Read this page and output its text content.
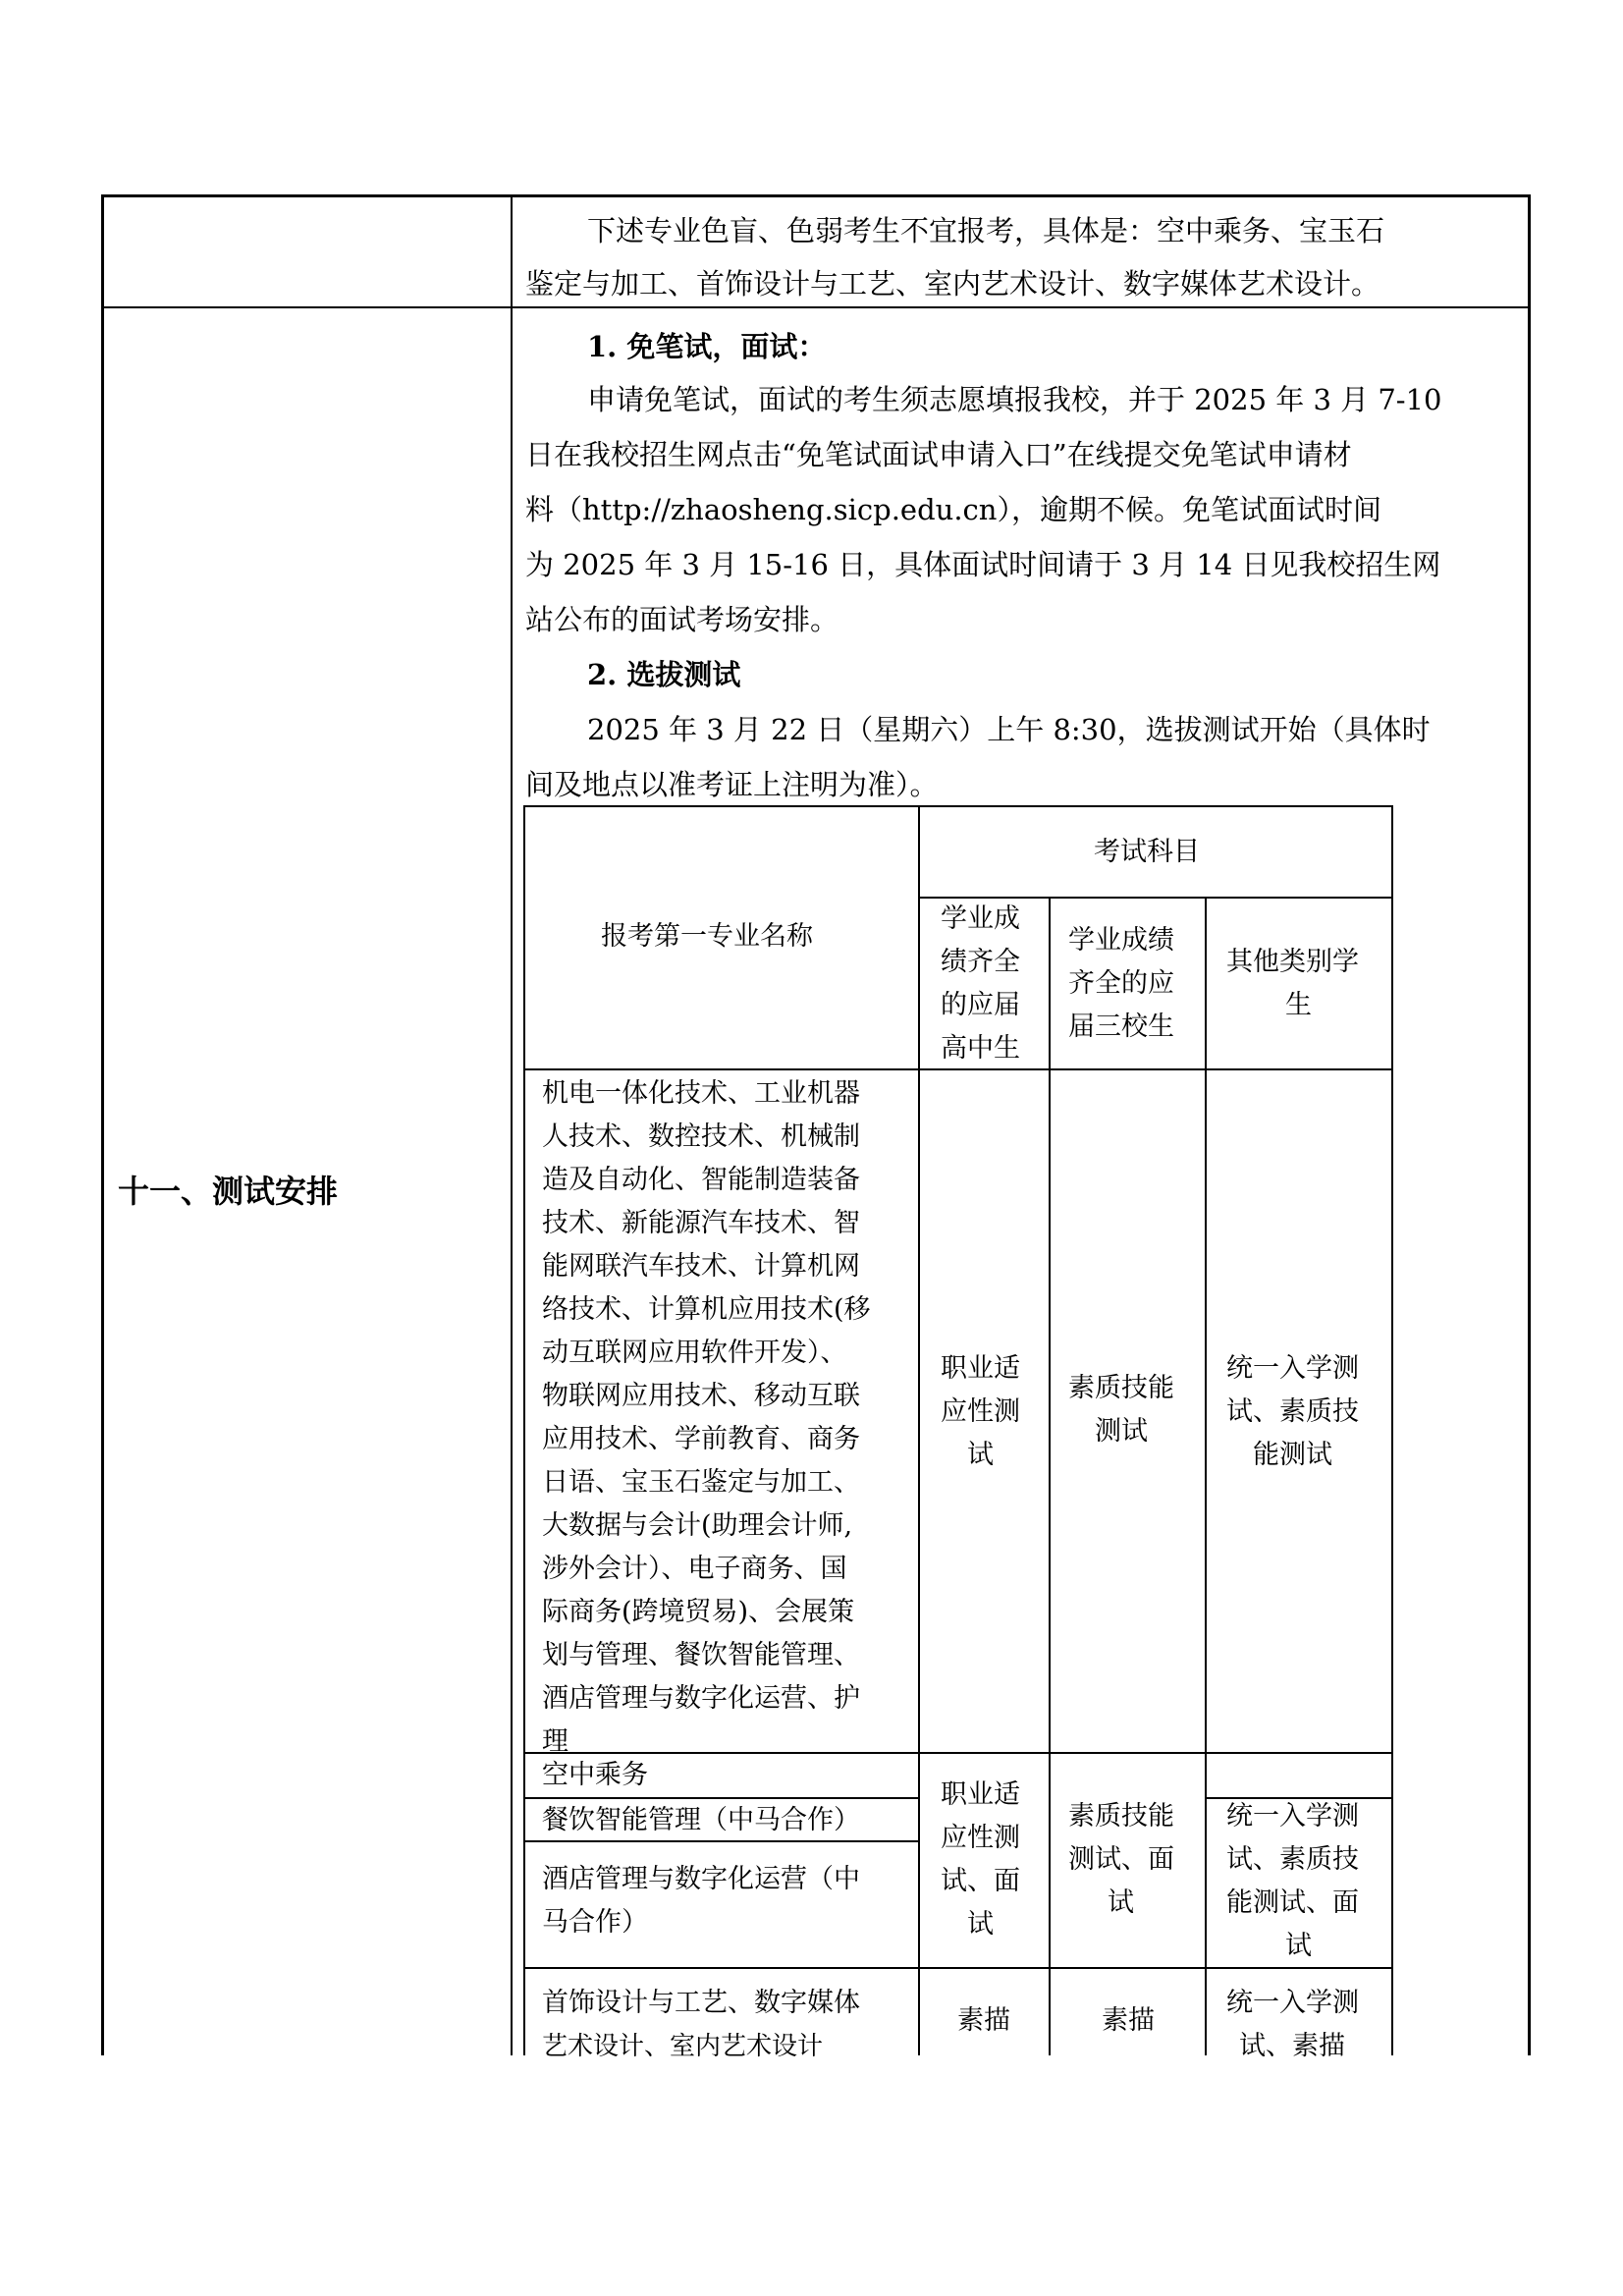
下述专业色盲、色弱考生不宜报考，具体是：空中乘务、宝玉石
鉴定与加工、首饰设计与工艺、室内艺术设计、数字媒体艺术设计。
十一、测试安排
1. 免笔试，面试：
申请免笔试，面试的考生须志愿填报我校，并于 2025 年 3 月 7-10
日在我校招生网点击“免笔试面试申请入口”在线提交免笔试申请材
料（http://zhaosheng.sicp.edu.cn），逾期不候。免笔试面试时间
为 2025 年 3 月 15-16 日，具体面试时间请于 3 月 14 日见我校招生网
站公布的面试考场安排。
2. 选拔测试
2025 年 3 月 22 日（星期六）上午 8:30，选拔测试开始（具体时
间及地点以准考证上注明为准）。
报考第一专业名称
考试科目
学业成
绩齐全
的应届
高中生
学业成绩
齐全的应
届三校生
其他类别学
生
机电一体化技术、工业机器
人技术、数控技术、机械制
造及自动化、智能制造装备
技术、新能源汽车技术、智
能网联汽车技术、计算机网
络技术、计算机应用技术(移
动互联网应用软件开发）、
物联网应用技术、移动互联
应用技术、学前教育、商务
日语、宝玉石鉴定与加工、
大数据与会计(助理会计师,
涉外会计）、电子商务、国
际商务(跨境贸易)、会展策
划与管理、餐饮智能管理、
酒店管理与数字化运营、护
理
职业适
应性测
试
素质技能
测试
统一入学测
试、素质技
能测试
空中乘务
餐饮智能管理（中马合作）
酒店管理与数字化运营（中
马合作）
职业适
应性测
试、面
试
素质技能
测试、面
试
统一入学测
试、素质技
能测试、面
试
首饰设计与工艺、数字媒体
艺术设计、室内艺术设计
素描	素描
统一入学测
试、素描
